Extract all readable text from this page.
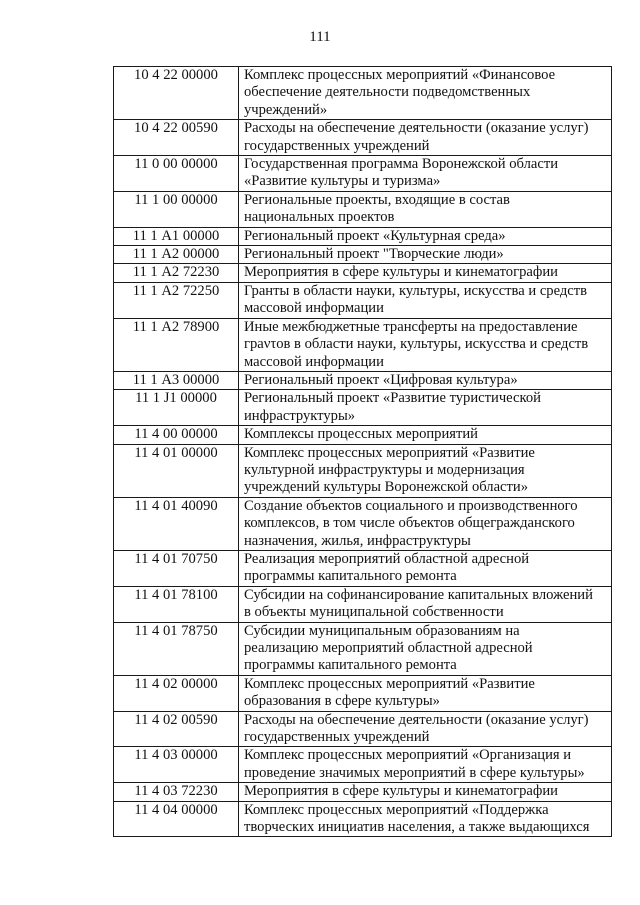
111
10 4 22 00000	Комплекс процессных мероприятий «Финансовое
обеспечение деятельности подведомственных
учреждений»
10 4 22 00590	Расходы на обеспечение деятельности (оказание услуг)
государственных учреждений
11 0 00 00000	Государственная программа Воронежской области
«Развитие культуры и туризма»
11 1 00 00000	Региональные проекты, входящие в состав
национальных проектов
11 1 А1 00000	Региональный проект «Культурная среда»
11 1 А2 00000	Региональный проект "Творческие люди»
11 1 А2 72230	Мероприятия в сфере культуры и кинематографии
11 1 А2 72250	Гранты в области науки, культуры, искусства и средств
массовой информации
11 1 А2 78900	Иные межбюджетные трансферты на предоставление
граντов в области науки, культуры, искусства и средств
массовой информации
11 1 А3 00000	Региональный проект «Цифровая культура»
11 1 J1 00000	Региональный проект «Развитие туристической
инфраструктуры»
11 4 00 00000	Комплексы процессных мероприятий
11 4 01 00000	Комплекс процессных мероприятий «Развитие
культурной инфраструктуры и модернизация
учреждений культуры Воронежской области»
11 4 01 40090	Создание объектов социального и производственного
комплексов, в том числе объектов общегражданского
назначения, жилья, инфраструктуры
11 4 01 70750	Реализация мероприятий областной адресной
программы капитального ремонта
11 4 01 78100	Субсидии на софинансирование капитальных вложений
в объекты муниципальной собственности
11 4 01 78750	Субсидии муниципальным образованиям на
реализацию мероприятий областной адресной
программы капитального ремонта
11 4 02 00000	Комплекс процессных мероприятий «Развитие
образования в сфере культуры»
11 4 02 00590	Расходы на обеспечение деятельности (оказание услуг)
государственных учреждений
11 4 03 00000	Комплекс процессных мероприятий «Организация и
проведение значимых мероприятий в сфере культуры»
11 4 03 72230	Мероприятия в сфере культуры и кинематографии
11 4 04 00000	Комплекс процессных мероприятий «Поддержка
творческих инициатив населения, а также выдающихся
